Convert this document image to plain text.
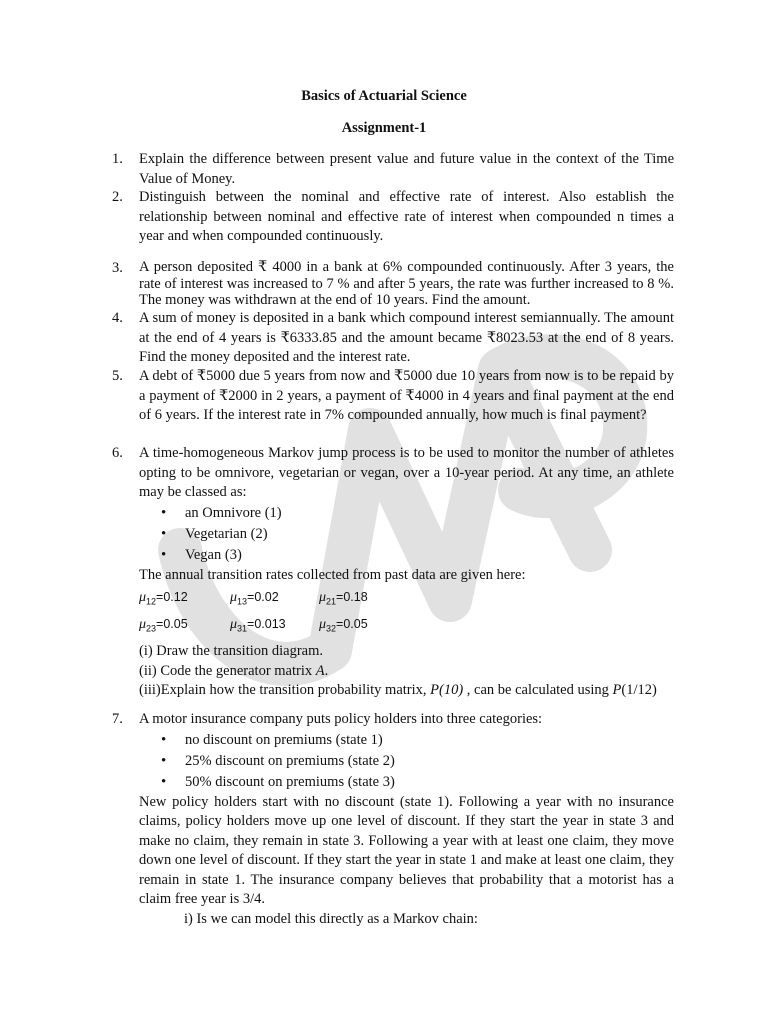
Basics of Actuarial Science
Assignment-1
1.	Explain the difference between present value and future value in the context of the Time Value of Money.
2.	Distinguish between the nominal and effective rate of interest. Also establish the relationship between nominal and effective rate of interest when compounded n times a year and when compounded continuously.
3.	A person deposited ₹ 4000 in a bank at 6% compounded continuously. After 3 years, the rate of interest was increased to 7 % and after 5 years, the rate was further increased to 8 %. The money was withdrawn at the end of 10 years. Find the amount.
4.	A sum of money is deposited in a bank which compound interest semiannually. The amount at the end of 4 years is ₹6333.85 and the amount became ₹8023.53 at the end of 8 years. Find the money deposited and the interest rate.
5.	A debt of ₹5000 due 5 years from now and ₹5000 due 10 years from now is to be repaid by a payment of ₹2000 in 2 years, a payment of ₹4000 in 4 years and final payment at the end of 6 years. If the interest rate in 7% compounded annually, how much is final payment?
6.	A time-homogeneous Markov jump process is to be used to monitor the number of athletes opting to be omnivore, vegetarian or vegan, over a 10-year period. At any time, an athlete may be classed as:
• an Omnivore (1)
• Vegetarian (2)
• Vegan (3)
The annual transition rates collected from past data are given here:
$\mu_{12}=0.12$	$\mu_{13}=0.02$	$\mu_{21}=0.18$
$\mu_{23}=0.05$	$\mu_{31}=0.013$ $\mu_{32}=0.05$
(i) Draw the transition diagram.
(ii) Code the generator matrix A.
(iii)Explain how the transition probability matrix, P(10) , can be calculated using P(1/12)
7.	A motor insurance company puts policy holders into three categories:
• no discount on premiums (state 1)
• 25% discount on premiums (state 2)
• 50% discount on premiums (state 3)
New policy holders start with no discount (state 1). Following a year with no insurance claims, policy holders move up one level of discount. If they start the year in state 3 and make no claim, they remain in state 3. Following a year with at least one claim, they move down one level of discount. If they start the year in state 1 and make at least one claim, they remain in state 1. The insurance company believes that probability that a motorist has a claim free year is 3/4.
i) Is we can model this directly as a Markov chain:
